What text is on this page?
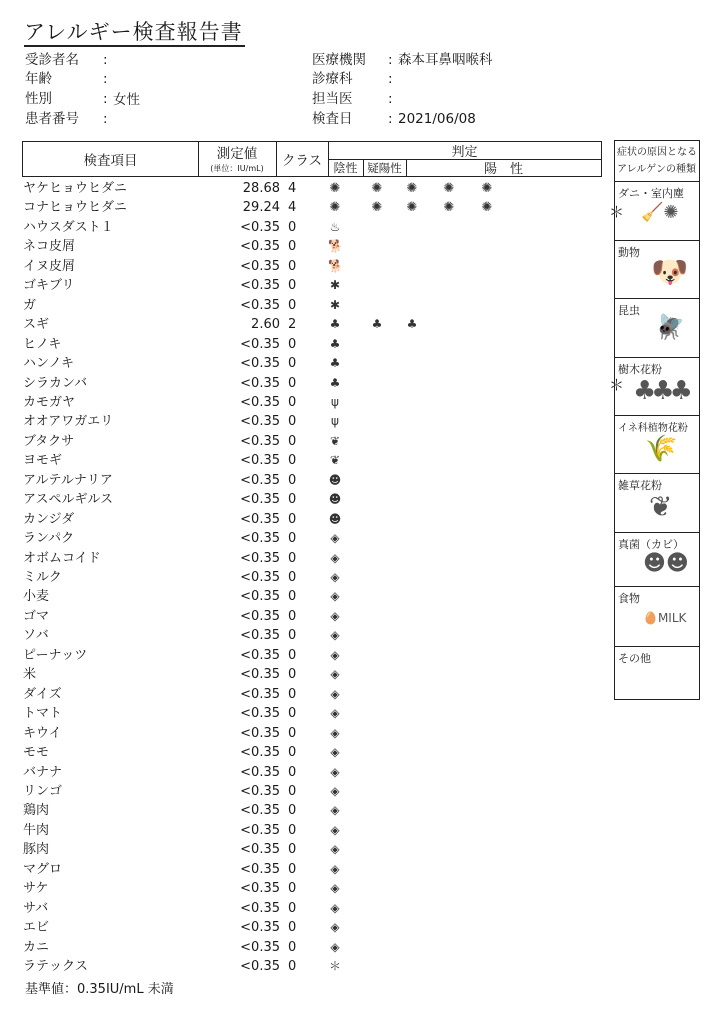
アレルギー検査報告書
受診者名 :
年齢	:
性別	: 女性
患者番号 :
医療機関 : 森本耳鼻咽喉科
診療科	:
担当医	:
検査日	: 2021/06/08
検査項目	測定値
(単位：IU/mL)	クラス
判定
陰性 疑陽性	陽　性
ヤケヒョウヒダニ	28.68 4	✺ ✺ ✺ ✺ ✺
コナヒョウヒダニ	29.24 4	✺ ✺ ✺ ✺ ✺
ハウスダスト１	<0.35 0	♨
ネコ皮屑	<0.35 0	🐕
イヌ皮屑	<0.35 0	🐕
ゴキブリ	<0.35 0	✱
ガ	<0.35 0	✱
スギ	2.60 2	♣	♣ ♣
ヒノキ	<0.35 0	♣
ハンノキ	<0.35 0	♣
シラカンバ	<0.35 0	♣
カモガヤ	<0.35 0	ψ
オオアワガエリ	<0.35 0	ψ
ブタクサ	<0.35 0	❦
ヨモギ	<0.35 0	❦
アルテルナリア	<0.35 0	☻
アスペルギルス	<0.35 0	☻
カンジダ	<0.35 0	☻
ランパク	<0.35 0	◈
オボムコイド	<0.35 0	◈
ミルク	<0.35 0	◈
小麦	<0.35 0	◈
ゴマ	<0.35 0	◈
ソバ	<0.35 0	◈
ピーナッツ	<0.35 0	◈
米	<0.35 0	◈
ダイズ	<0.35 0	◈
トマト	<0.35 0	◈
キウイ	<0.35 0	◈
モモ	<0.35 0	◈
バナナ	<0.35 0	◈
リンゴ	<0.35 0	◈
鶏肉	<0.35 0	◈
牛肉	<0.35 0	◈
豚肉	<0.35 0	◈
マグロ	<0.35 0	◈
サケ	<0.35 0	◈
サバ	<0.35 0	◈
エビ	<0.35 0	◈
カニ	<0.35 0	◈
ラテックス	<0.35 0	＊
基準値：0.35IU/mL 未満
症状の原因となる
アレルゲンの種類
ダニ・室内塵
🧹✺
動物
🐶
昆虫
🪰
樹木花粉
♣♣♣
イネ科植物花粉
🌾
雑草花粉
❦
真菌（カビ）
☻☻
食物
🥚MILK
その他
＊
＊
